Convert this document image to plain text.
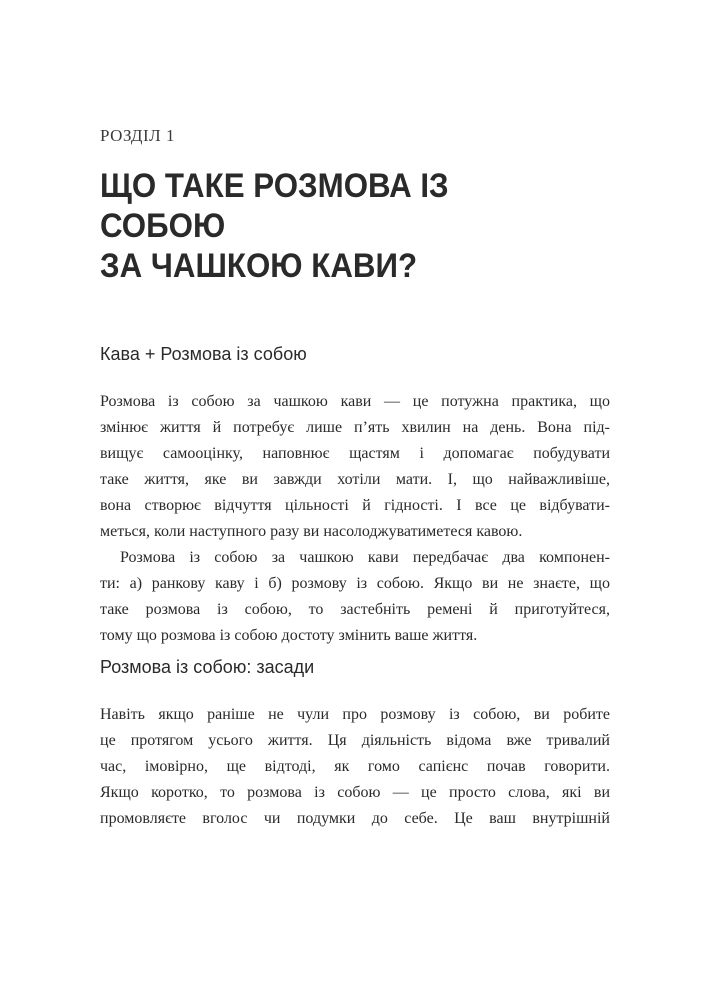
РОЗДІЛ 1
ЩО ТАКЕ РОЗМОВА ІЗ СОБОЮ
ЗА ЧАШКОЮ КАВИ?
Кава + Розмова із собою
Розмова із собою за чашкою кави — це потужна практика, що
змінює життя й потребує лише п’ять хвилин на день. Вона під-
вищує самооцінку, наповнює щастям і допомагає побудувати
таке життя, яке ви завжди хотіли мати. І, що найважливіше,
вона створює відчуття цільності й гідності. І все це відбувати-
меться, коли наступного разу ви насолоджуватиметеся кавою.
Розмова із собою за чашкою кави передбачає два компонен-
ти: а) ранкову каву і б) розмову із собою. Якщо ви не знаєте, що
таке розмова із собою, то застебніть ремені й приготуйтеся,
тому що розмова із собою достоту змінить ваше життя.
Розмова із собою: засади
Навіть якщо раніше не чули про розмову із собою, ви робите
це протягом усього життя. Ця діяльність відома вже тривалий
час, імовірно, ще відтоді, як гомо сапієнс почав говорити.
Якщо коротко, то розмова із собою — це просто слова, які ви
промовляєте вголос чи подумки до себе. Це ваш внутрішній
